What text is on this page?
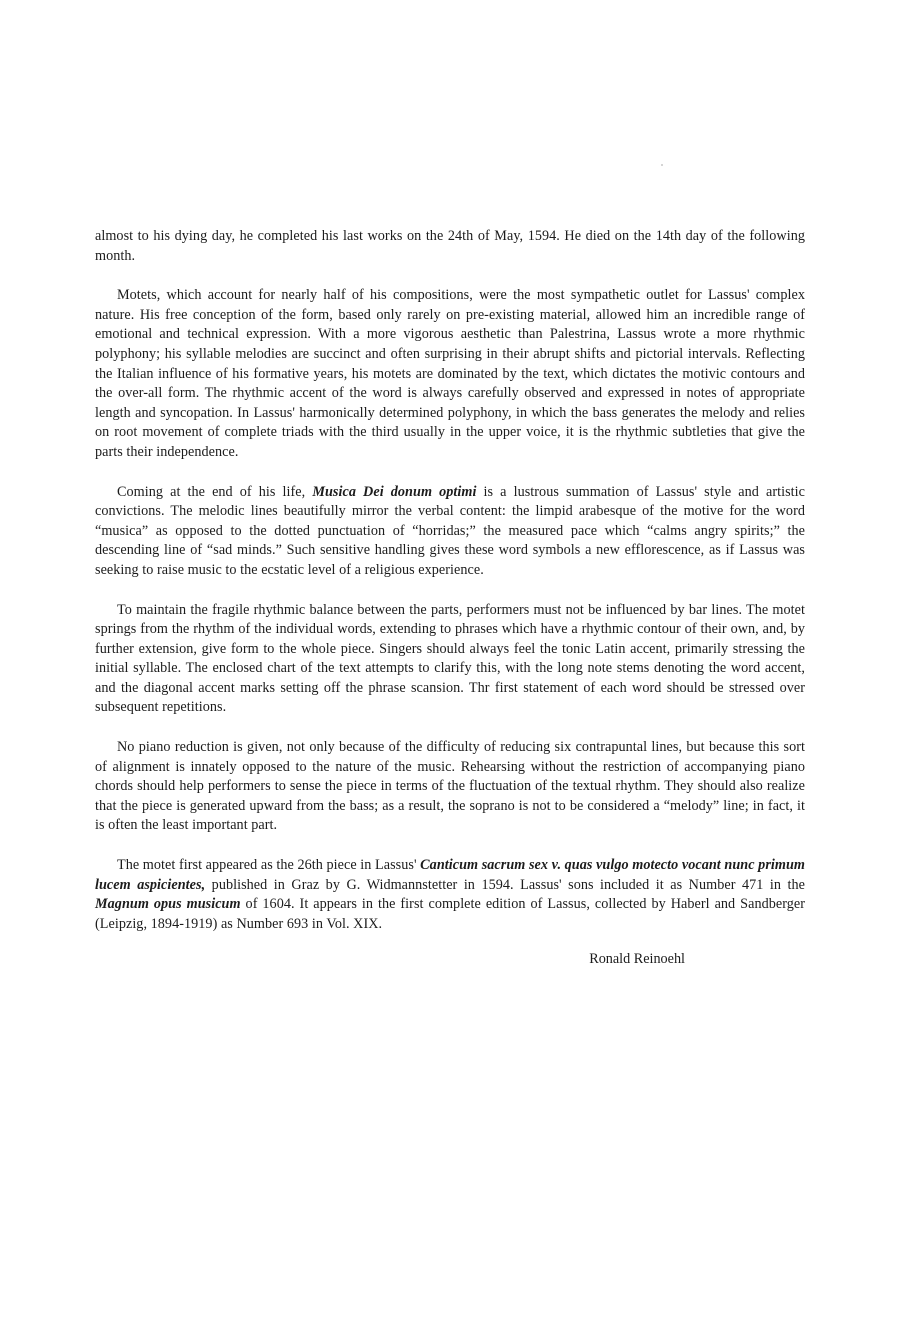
almost to his dying day, he completed his last works on the 24th of May, 1594. He died on the 14th day of the following month.

Motets, which account for nearly half of his compositions, were the most sympathetic outlet for Lassus' complex nature. His free conception of the form, based only rarely on pre-existing material, allowed him an incredible range of emotional and technical expression. With a more vigorous aesthetic than Palestrina, Lassus wrote a more rhythmic polyphony; his syllable melodies are succinct and often surprising in their abrupt shifts and pictorial intervals. Reflecting the Italian influence of his formative years, his motets are dominated by the text, which dictates the motivic contours and the over-all form. The rhythmic accent of the word is always carefully observed and expressed in notes of appropriate length and syncopation. In Lassus' harmonically determined polyphony, in which the bass generates the melody and relies on root movement of complete triads with the third usually in the upper voice, it is the rhythmic subtleties that give the parts their independence.

Coming at the end of his life, Musica Dei donum optimi is a lustrous summation of Lassus' style and artistic convictions. The melodic lines beautifully mirror the verbal content: the limpid arabesque of the motive for the word “musica” as opposed to the dotted punctuation of “horridas;” the measured pace which “calms angry spirits;” the descending line of “sad minds.” Such sensitive handling gives these word symbols a new efflorescence, as if Lassus was seeking to raise music to the ecstatic level of a religious experience.

To maintain the fragile rhythmic balance between the parts, performers must not be influenced by bar lines. The motet springs from the rhythm of the individual words, extending to phrases which have a rhythmic contour of their own, and, by further extension, give form to the whole piece. Singers should always feel the tonic Latin accent, primarily stressing the initial syllable. The enclosed chart of the text attempts to clarify this, with the long note stems denoting the word accent, and the diagonal accent marks setting off the phrase scansion. Thr first statement of each word should be stressed over subsequent repetitions.

No piano reduction is given, not only because of the difficulty of reducing six contrapuntal lines, but because this sort of alignment is innately opposed to the nature of the music. Rehearsing without the restriction of accompanying piano chords should help performers to sense the piece in terms of the fluctuation of the textual rhythm. They should also realize that the piece is generated upward from the bass; as a result, the soprano is not to be considered a “melody” line; in fact, it is often the least important part.

The motet first appeared as the 26th piece in Lassus' Canticum sacrum sex v. quas vulgo motecto vocant nunc primum lucem aspicientes, published in Graz by G. Widmannstetter in 1594. Lassus' sons included it as Number 471 in the Magnum opus musicum of 1604. It appears in the first complete edition of Lassus, collected by Haberl and Sandberger (Leipzig, 1894-1919) as Number 693 in Vol. XIX.

Ronald Reinoehl
